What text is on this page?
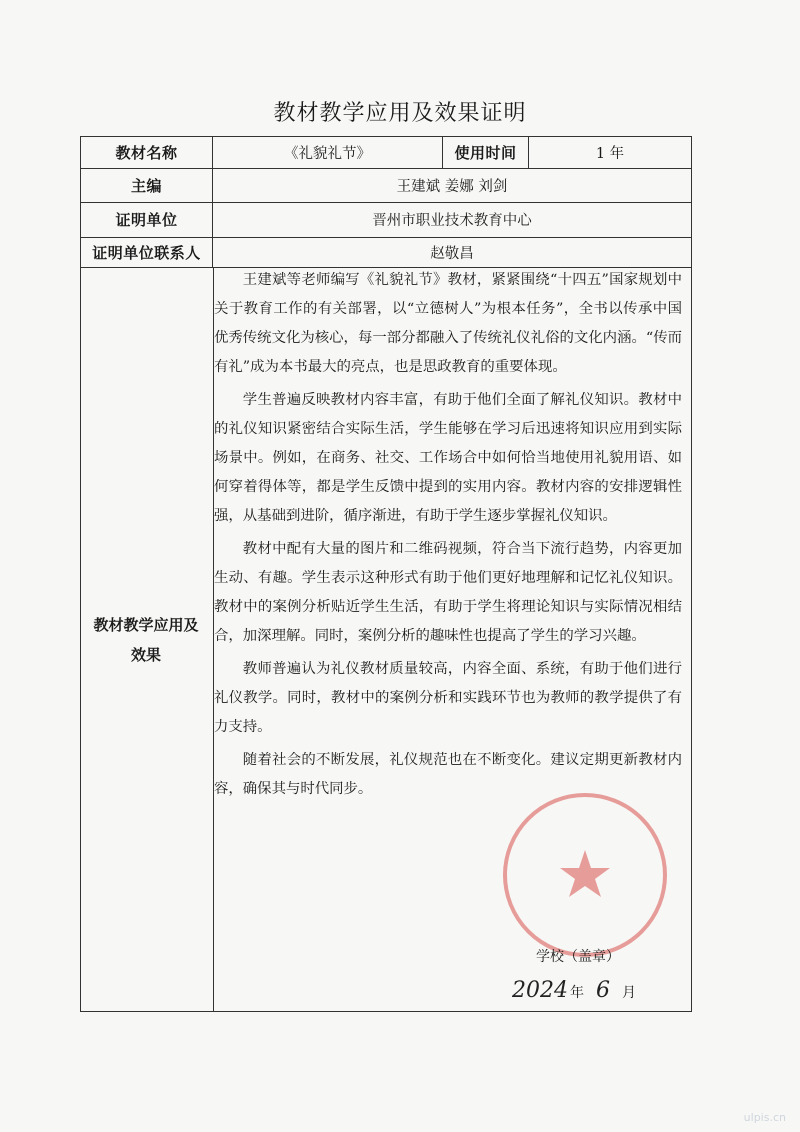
教材教学应用及效果证明
教材名称	《礼貌礼节》	使用时间	1 年
主编	王建斌 姜娜 刘剑
证明单位	晋州市职业技术教育中心
证明单位联系人	赵敬昌
教材教学应用及
效果

王建斌等老师编写《礼貌礼节》教材，紧紧围绕“十四五”国家规划中关于教育工作的有关部署，以“立德树人”为根本任务”，全书以传承中国优秀传统文化为核心，每一部分都融入了传统礼仪礼俗的文化内涵。“传而有礼”成为本书最大的亮点，也是思政教育的重要体现。

学生普遍反映教材内容丰富，有助于他们全面了解礼仪知识。教材中的礼仪知识紧密结合实际生活，学生能够在学习后迅速将知识应用到实际场景中。例如，在商务、社交、工作场合中如何恰当地使用礼貌用语、如何穿着得体等，都是学生反馈中提到的实用内容。教材内容的安排逻辑性强，从基础到进阶，循序渐进，有助于学生逐步掌握礼仪知识。

教材中配有大量的图片和二维码视频，符合当下流行趋势，内容更加生动、有趣。学生表示这种形式有助于他们更好地理解和记忆礼仪知识。教材中的案例分析贴近学生生活，有助于学生将理论知识与实际情况相结合，加深理解。同时，案例分析的趣味性也提高了学生的学习兴趣。

教师普遍认为礼仪教材质量较高，内容全面、系统，有助于他们进行礼仪教学。同时，教材中的案例分析和实践环节也为教师的教学提供了有力支持。

随着社会的不断发展，礼仪规范也在不断变化。建议定期更新教材内容，确保其与时代同步。

学校（盖章）
2024 年 6 月
ulpis.cn
